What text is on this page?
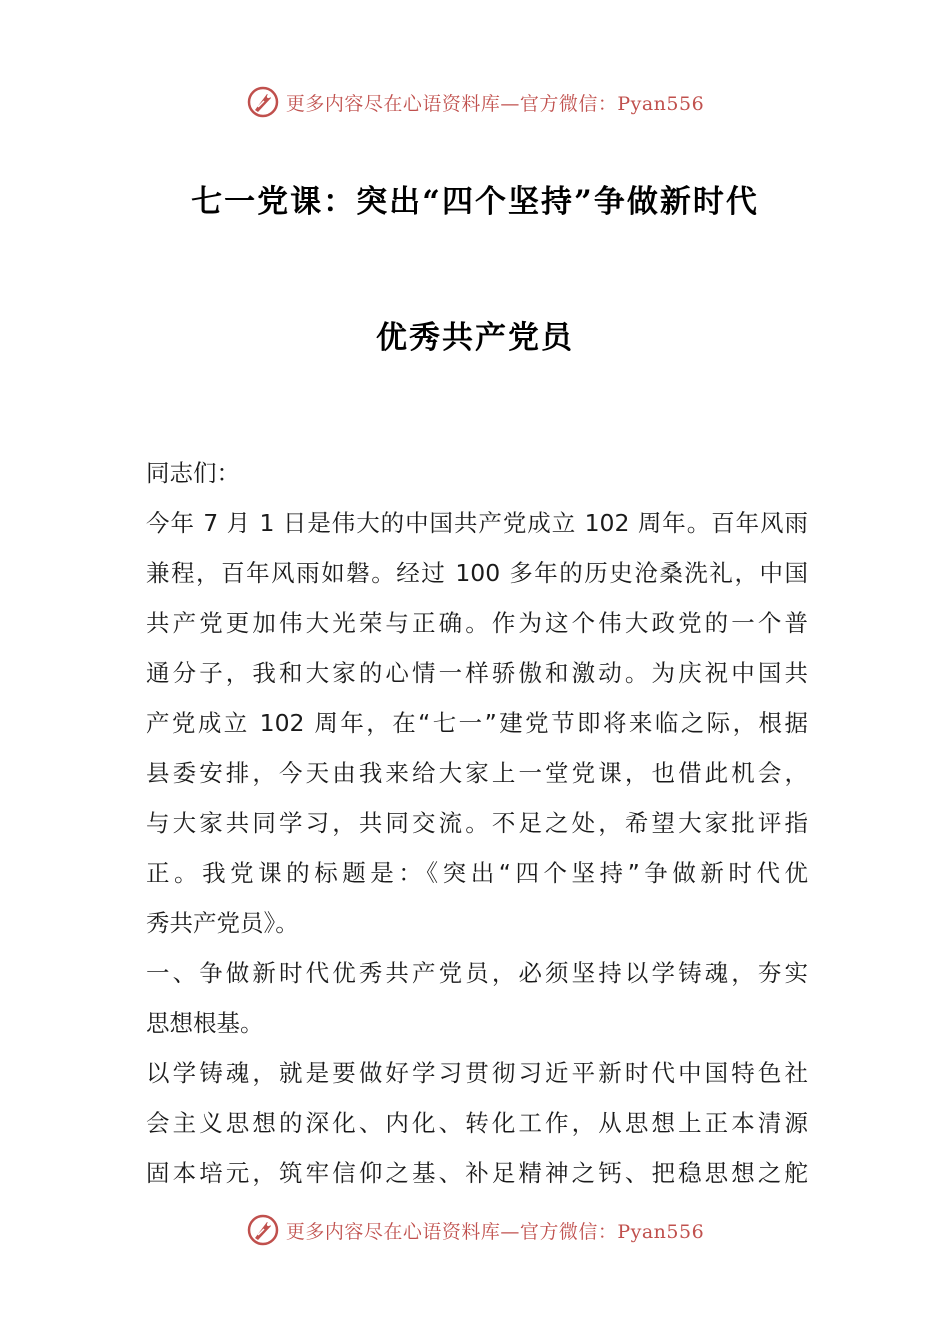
更多内容尽在心语资料库—官方微信：Pyan556
七一党课：突出“四个坚持”争做新时代
优秀共产党员
同志们：
今年 7 月 1 日是伟大的中国共产党成立 102 周年。百年风雨
兼程，百年风雨如磐。经过 100 多年的历史沧桑洗礼，中国
共产党更加伟大光荣与正确。作为这个伟大政党的一个普
通分子，我和大家的心情一样骄傲和激动。为庆祝中国共
产党成立 102 周年，在“七一”建党节即将来临之际，根据
县委安排，今天由我来给大家上一堂党课，也借此机会，
与大家共同学习，共同交流。不足之处，希望大家批评指
正。我党课的标题是：《突出“四个坚持”争做新时代优
秀共产党员》。
一、争做新时代优秀共产党员，必须坚持以学铸魂，夯实
思想根基。
以学铸魂，就是要做好学习贯彻习近平新时代中国特色社
会主义思想的深化、内化、转化工作，从思想上正本清源
固本培元，筑牢信仰之基、补足精神之钙、把稳思想之舵
更多内容尽在心语资料库—官方微信：Pyan556
